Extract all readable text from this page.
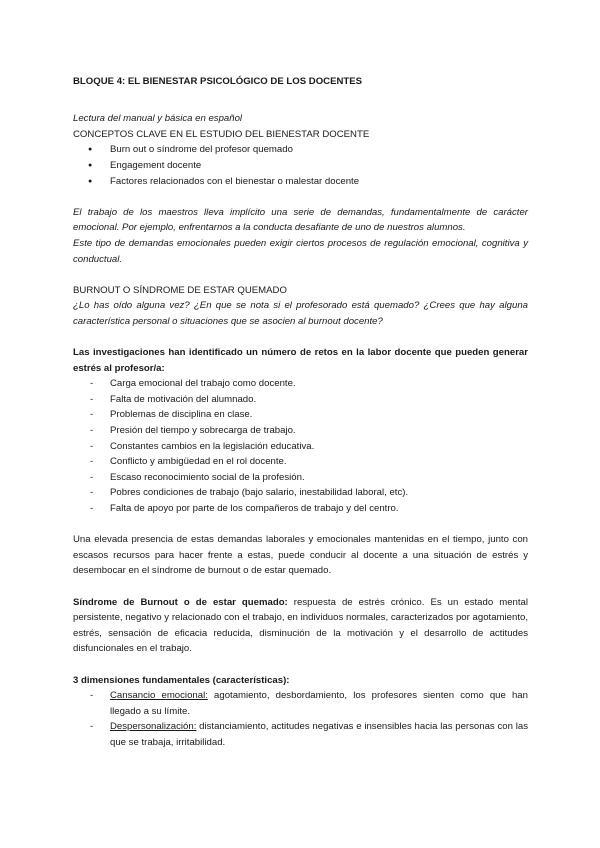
BLOQUE 4: EL BIENESTAR PSICOLÓGICO DE LOS DOCENTES

Lectura del manual y básica en español

CONCEPTOS CLAVE EN EL ESTUDIO DEL BIENESTAR DOCENTE

● Burn out o síndrome del profesor quemado
● Engagement docente
● Factores relacionados con el bienestar o malestar docente

El trabajo de los maestros lleva implícito una serie de demandas, fundamentalmente de carácter emocional. Por ejemplo, enfrentarnos a la conducta desafiante de uno de nuestros alumnos.

Este tipo de demandas emocionales pueden exigir ciertos procesos de regulación emocional, cognitiva y conductual.

BURNOUT O SÍNDROME DE ESTAR QUEMADO

¿Lo has oído alguna vez? ¿En que se nota si el profesorado está quemado? ¿Crees que hay alguna característica personal o situaciones que se asocien al burnout docente?

Las investigaciones han identificado un número de retos en la labor docente que pueden generar estrés al profesor/a:

- Carga emocional del trabajo como docente.
- Falta de motivación del alumnado.
- Problemas de disciplina en clase.
- Presión del tiempo y sobrecarga de trabajo.
- Constantes cambios en la legislación educativa.
- Conflicto y ambigüedad en el rol docente.
- Escaso reconocimiento social de la profesión.
- Pobres condiciones de trabajo (bajo salario, inestabilidad laboral, etc).
- Falta de apoyo por parte de los compañeros de trabajo y del centro.

Una elevada presencia de estas demandas laborales y emocionales mantenidas en el tiempo, junto con escasos recursos para hacer frente a estas, puede conducir al docente a una situación de estrés y desembocar en el síndrome de burnout o de estar quemado.

Síndrome de Burnout o de estar quemado: respuesta de estrés crónico. Es un estado mental persistente, negativo y relacionado con el trabajo, en individuos normales, caracterizados por agotamiento, estrés, sensación de eficacia reducida, disminución de la motivación y el desarrollo de actitudes disfuncionales en el trabajo.

3 dimensiones fundamentales (características):

- Cansancio emocional: agotamiento, desbordamiento, los profesores sienten como que han llegado a su límite.
- Despersonalización: distanciamiento, actitudes negativas e insensibles hacia las personas con las que se trabaja, irritabilidad.
